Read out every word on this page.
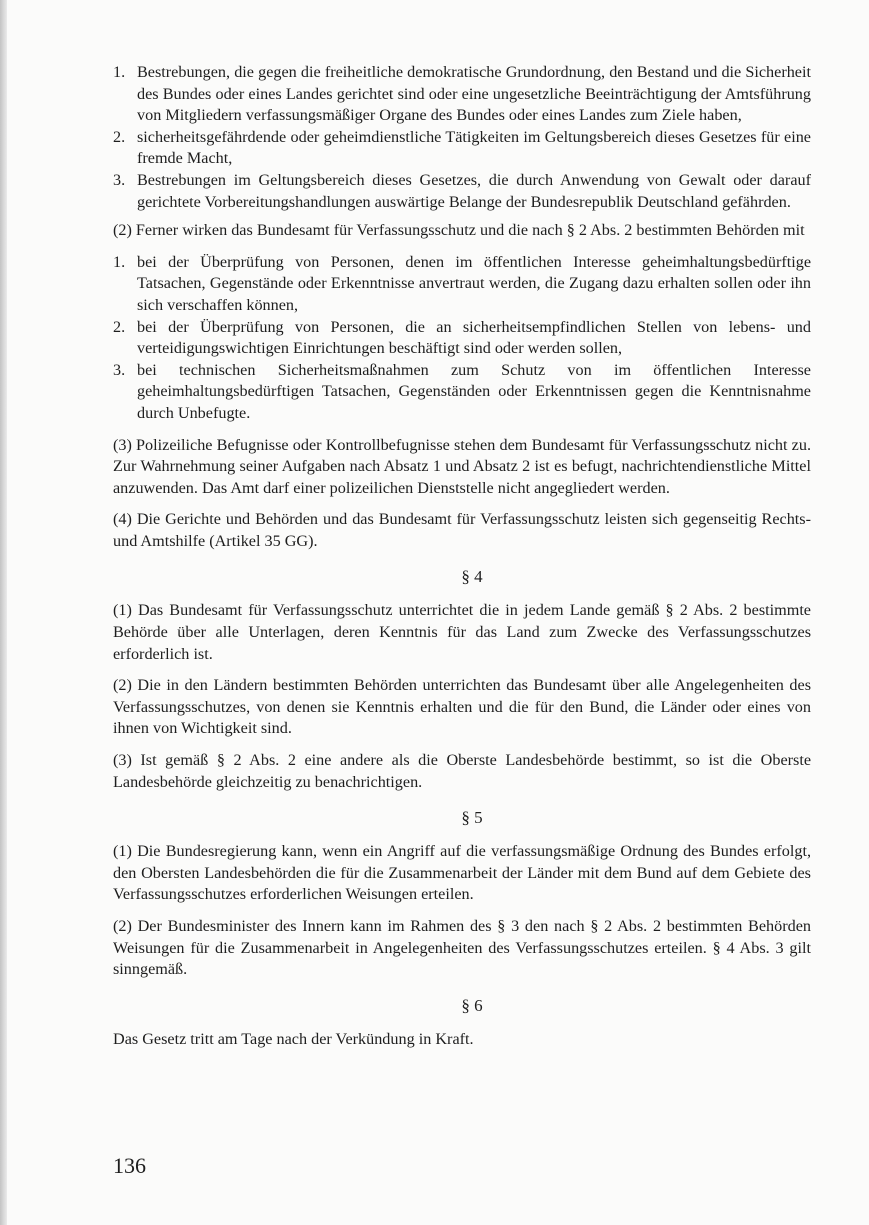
1. Bestrebungen, die gegen die freiheitliche demokratische Grundordnung, den Bestand und die Sicherheit des Bundes oder eines Landes gerichtet sind oder eine ungesetzliche Beeinträchtigung der Amtsführung von Mitgliedern verfassungsmäßiger Organe des Bundes oder eines Landes zum Ziele haben,
2. sicherheitsgefährdende oder geheimdienstliche Tätigkeiten im Geltungsbereich dieses Gesetzes für eine fremde Macht,
3. Bestrebungen im Geltungsbereich dieses Gesetzes, die durch Anwendung von Gewalt oder darauf gerichtete Vorbereitungshandlungen auswärtige Belange der Bundesrepublik Deutschland gefährden.

(2) Ferner wirken das Bundesamt für Verfassungsschutz und die nach § 2 Abs. 2 bestimmten Behörden mit

1. bei der Überprüfung von Personen, denen im öffentlichen Interesse geheimhaltungsbedürftige Tatsachen, Gegenstände oder Erkenntnisse anvertraut werden, die Zugang dazu erhalten sollen oder ihn sich verschaffen können,
2. bei der Überprüfung von Personen, die an sicherheitsempfindlichen Stellen von lebens- und verteidigungswichtigen Einrichtungen beschäftigt sind oder werden sollen,
3. bei technischen Sicherheitsmaßnahmen zum Schutz von im öffentlichen Interesse geheimhaltungsbedürftigen Tatsachen, Gegenständen oder Erkenntnissen gegen die Kenntnisnahme durch Unbefugte.

(3) Polizeiliche Befugnisse oder Kontrollbefugnisse stehen dem Bundesamt für Verfassungsschutz nicht zu. Zur Wahrnehmung seiner Aufgaben nach Absatz 1 und Absatz 2 ist es befugt, nachrichtendienstliche Mittel anzuwenden. Das Amt darf einer polizeilichen Dienststelle nicht angegliedert werden.

(4) Die Gerichte und Behörden und das Bundesamt für Verfassungsschutz leisten sich gegenseitig Rechts- und Amtshilfe (Artikel 35 GG).

§ 4

(1) Das Bundesamt für Verfassungsschutz unterrichtet die in jedem Lande gemäß § 2 Abs. 2 bestimmte Behörde über alle Unterlagen, deren Kenntnis für das Land zum Zwecke des Verfassungsschutzes erforderlich ist.

(2) Die in den Ländern bestimmten Behörden unterrichten das Bundesamt über alle Angelegenheiten des Verfassungsschutzes, von denen sie Kenntnis erhalten und die für den Bund, die Länder oder eines von ihnen von Wichtigkeit sind.

(3) Ist gemäß § 2 Abs. 2 eine andere als die Oberste Landesbehörde bestimmt, so ist die Oberste Landesbehörde gleichzeitig zu benachrichtigen.

§ 5

(1) Die Bundesregierung kann, wenn ein Angriff auf die verfassungsmäßige Ordnung des Bundes erfolgt, den Obersten Landesbehörden die für die Zusammenarbeit der Länder mit dem Bund auf dem Gebiete des Verfassungsschutzes erforderlichen Weisungen erteilen.

(2) Der Bundesminister des Innern kann im Rahmen des § 3 den nach § 2 Abs. 2 bestimmten Behörden Weisungen für die Zusammenarbeit in Angelegenheiten des Verfassungsschutzes erteilen. § 4 Abs. 3 gilt sinngemäß.

§ 6

Das Gesetz tritt am Tage nach der Verkündung in Kraft.

136
